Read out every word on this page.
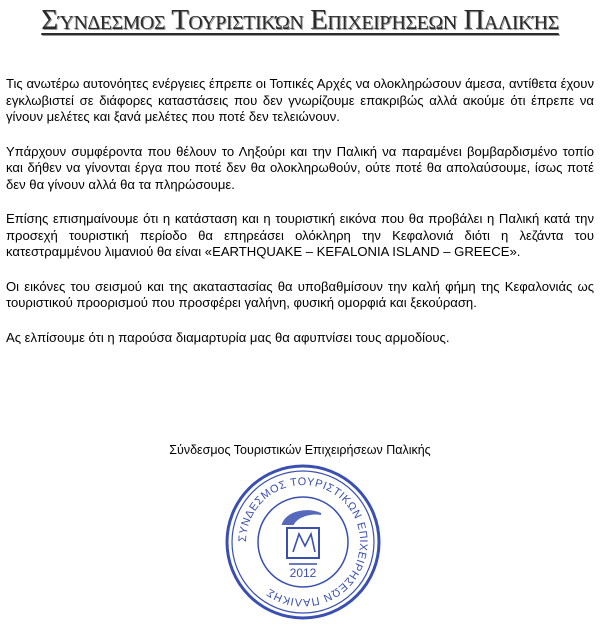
Σύνδεσμος Τουριστικών Επιχειρήσεων Παλικής

Τις ανωτέρω αυτονόητες ενέργειες έπρεπε οι Τοπικές Αρχές να ολοκληρώσουν άμεσα, αντίθετα έχουν εγκλωβιστεί σε διάφορες καταστάσεις που δεν γνωρίζουμε επακριβώς αλλά ακούμε ότι έπρεπε να γίνουν μελέτες και ξανά μελέτες που ποτέ δεν τελειώνουν.

Υπάρχουν συμφέροντα που θέλουν το Ληξούρι και την Παλική να παραμένει βομβαρδισμένο τοπίο και δήθεν να γίνονται έργα που ποτέ δεν θα ολοκληρωθούν, ούτε ποτέ θα απολαύσουμε, ίσως ποτέ δεν θα γίνουν αλλά θα τα πληρώσουμε.

Επίσης επισημαίνουμε ότι η κατάσταση και η τουριστική εικόνα που θα προβάλει η Παλική κατά την προσεχή τουριστική περίοδο θα επηρεάσει ολόκληρη την Κεφαλονιά διότι η λεζάντα του κατεστραμμένου λιμανιού θα είναι «EARTHQUAKE – KEFALONIA ISLAND – GREECE».

Οι εικόνες του σεισμού και της ακαταστασίας θα υποβαθμίσουν την καλή φήμη της Κεφαλονιάς ως τουριστικού προορισμού που προσφέρει γαλήνη, φυσική ομορφιά και ξεκούραση.

Ας ελπίσουμε ότι η παρούσα διαμαρτυρία μας θα αφυπνίσει τους αρμοδίους.

Σύνδεσμος Τουριστικών Επιχειρήσεων Παλικής
ΣΥΝΔΕΣΜΟΣ ΤΟΥΡΙΣΤΙΚΩΝ ΕΠΙΧΕΙΡΗΣΕΩΝ ΠΑΛΙΚΗΣ
2012
